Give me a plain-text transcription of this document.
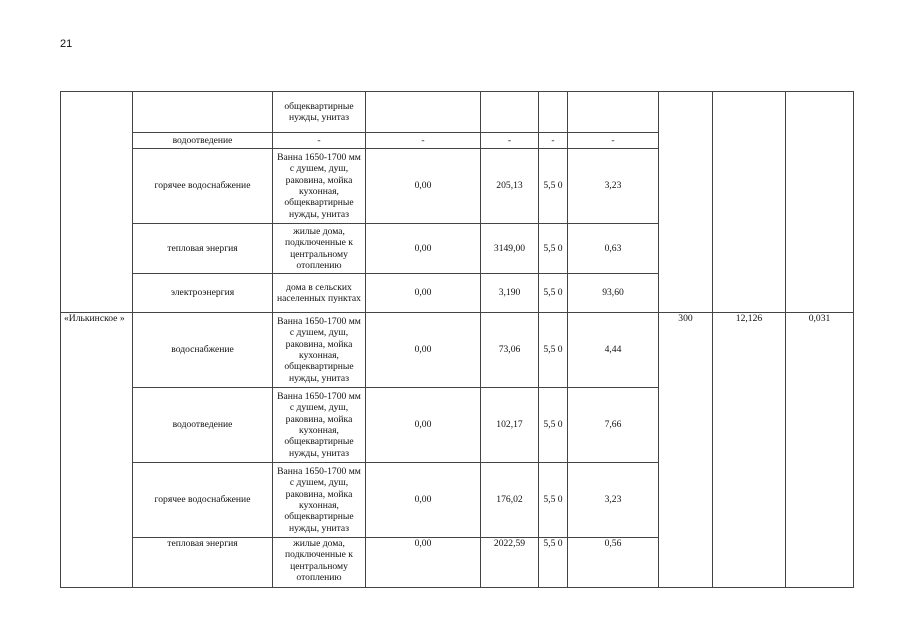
21
		общеквартирные нужды, унитаз							
	водоотведение	-	-	-	-	-			
	горячее водоснабжение	Ванна 1650-1700 мм с душем, душ, раковина, мойка кухонная, общеквартирные нужды, унитаз	0,00	205,13	5,5 0	3,23			
	тепловая энергия	жилые дома, подключенные к центральному отоплению	0,00	3149,00	5,5 0	0,63			
	электроэнергия	дома в сельских населенных пунктах	0,00	3,190	5,5 0	93,60			
«Илькинское »	водоснабжение	Ванна 1650-1700 мм с душем, душ, раковина, мойка кухонная, общеквартирные нужды, унитаз	0,00	73,06	5,5 0	4,44	300	12,126	0,031
	водоотведение	Ванна 1650-1700 мм с душем, душ, раковина, мойка кухонная, общеквартирные нужды, унитаз	0,00	102,17	5,5 0	7,66			
	горячее водоснабжение	Ванна 1650-1700 мм с душем, душ, раковина, мойка кухонная, общеквартирные нужды, унитаз	0,00	176,02	5,5 0	3,23			
	тепловая энергия	жилые дома, подключенные к центральному отоплению	0,00	2022,59	5,5 0	0,56			
